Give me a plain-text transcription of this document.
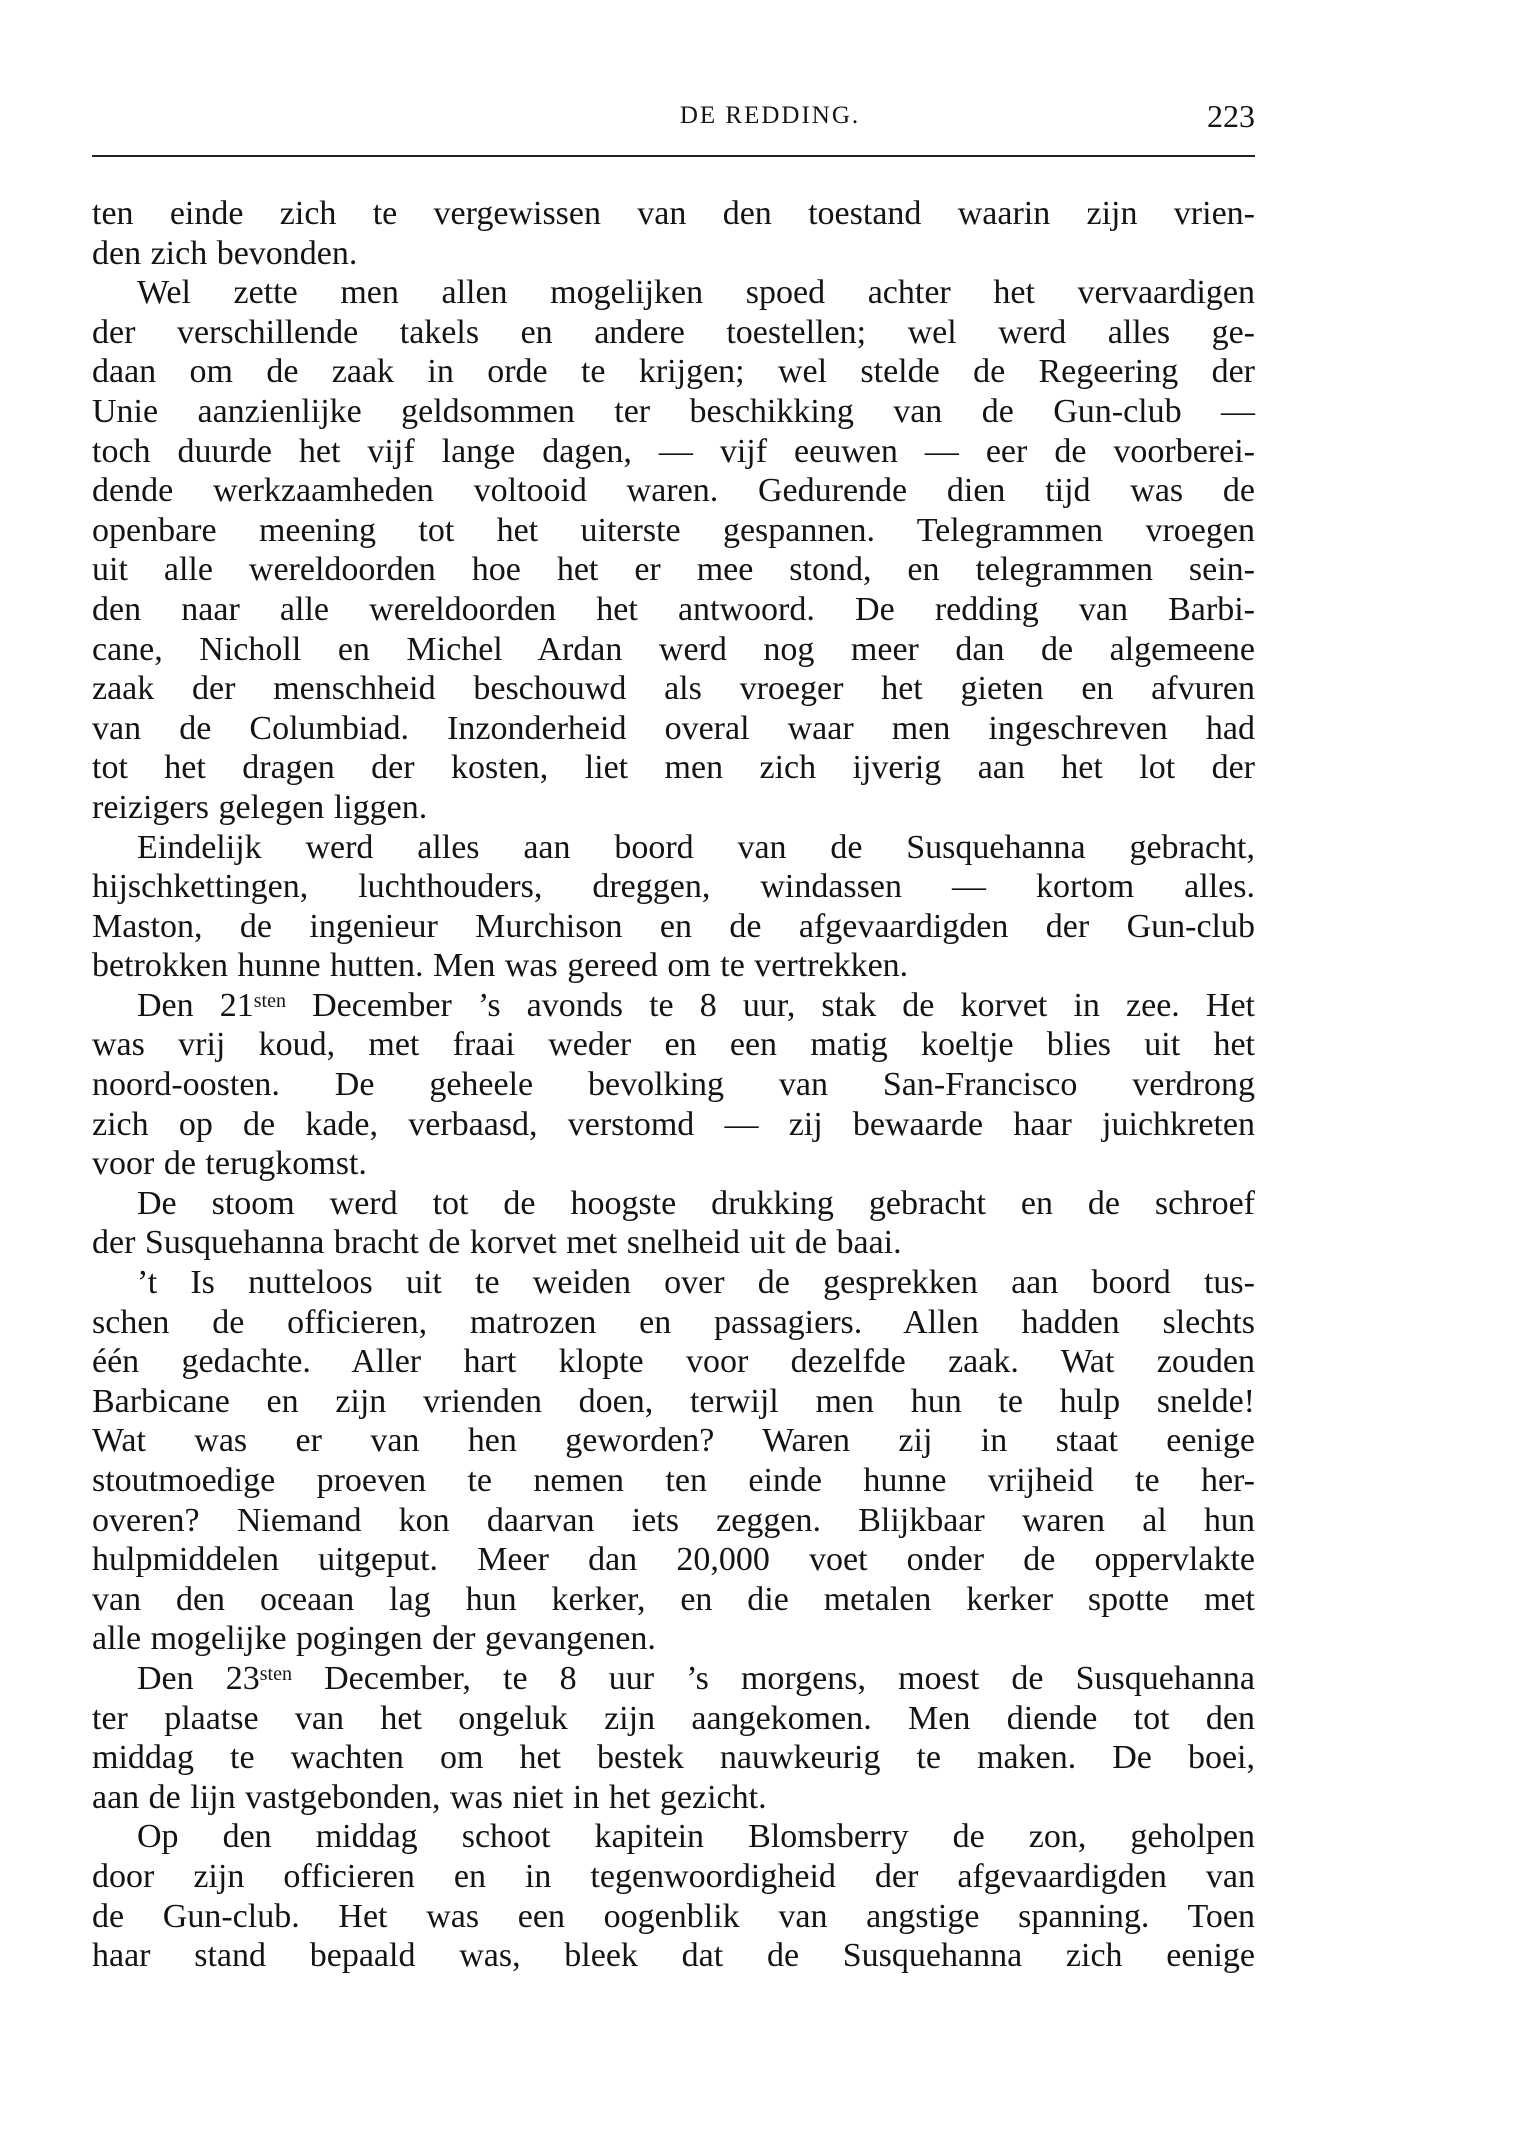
DE REDDING.	223
ten einde zich te vergewissen van den toestand waarin zijn vrien-
den zich bevonden.
Wel zette men allen mogelijken spoed achter het vervaardigen
der verschillende takels en andere toestellen; wel werd alles ge-
daan om de zaak in orde te krijgen; wel stelde de Regeering der
Unie aanzienlijke geldsommen ter beschikking van de Gun-club —
toch duurde het vijf lange dagen, — vijf eeuwen — eer de voorberei-
dende werkzaamheden voltooid waren. Gedurende dien tijd was de
openbare meening tot het uiterste gespannen. Telegrammen vroegen
uit alle wereldoorden hoe het er mee stond, en telegrammen sein-
den naar alle wereldoorden het antwoord. De redding van Barbi-
cane, Nicholl en Michel Ardan werd nog meer dan de algemeene
zaak der menschheid beschouwd als vroeger het gieten en afvuren
van de Columbiad. Inzonderheid overal waar men ingeschreven had
tot het dragen der kosten, liet men zich ijverig aan het lot der
reizigers gelegen liggen.
Eindelijk werd alles aan boord van de Susquehanna gebracht,
hijschkettingen, luchthouders, dreggen, windassen — kortom alles.
Maston, de ingenieur Murchison en de afgevaardigden der Gun-club
betrokken hunne hutten. Men was gereed om te vertrekken.
Den $21^{sten}$ December ’s avonds te 8 uur, stak de korvet in zee. Het
was vrij koud, met fraai weder en een matig koeltje blies uit het
noord-oosten. De geheele bevolking van San-Francisco verdrong
zich op de kade, verbaasd, verstomd — zij bewaarde haar juichkreten
voor de terugkomst.
De stoom werd tot de hoogste drukking gebracht en de schroef
der Susquehanna bracht de korvet met snelheid uit de baai.
’t Is nutteloos uit te weiden over de gesprekken aan boord tus-
schen de officieren, matrozen en passagiers. Allen hadden slechts
één gedachte. Aller hart klopte voor dezelfde zaak. Wat zouden
Barbicane en zijn vrienden doen, terwijl men hun te hulp snelde!
Wat was er van hen geworden? Waren zij in staat eenige
stoutmoedige proeven te nemen ten einde hunne vrijheid te her-
overen? Niemand kon daarvan iets zeggen. Blijkbaar waren al hun
hulpmiddelen uitgeput. Meer dan 20,000 voet onder de oppervlakte
van den oceaan lag hun kerker, en die metalen kerker spotte met
alle mogelijke pogingen der gevangenen.
Den $23^{sten}$ December, te 8 uur ’s morgens, moest de Susquehanna
ter plaatse van het ongeluk zijn aangekomen. Men diende tot den
middag te wachten om het bestek nauwkeurig te maken. De boei,
aan de lijn vastgebonden, was niet in het gezicht.
Op den middag schoot kapitein Blomsberry de zon, geholpen
door zijn officieren en in tegenwoordigheid der afgevaardigden van
de Gun-club. Het was een oogenblik van angstige spanning. Toen
haar stand bepaald was, bleek dat de Susquehanna zich eenige
